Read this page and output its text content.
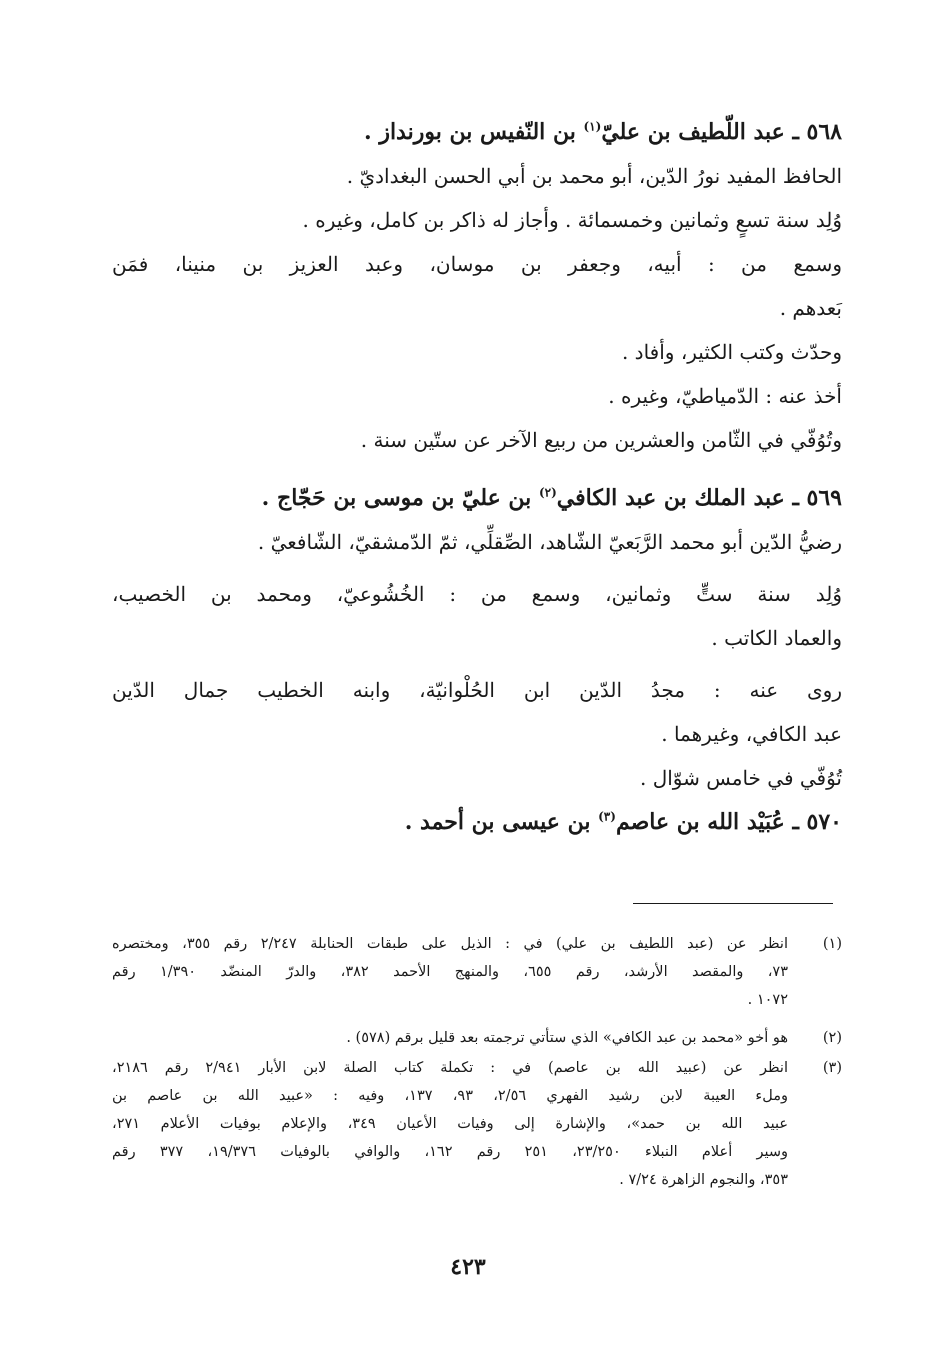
٥٦٨ ـ عبد اللّطيف بن عليّ$^{(١)}$ بن النّفيس بن بورنداز .
الحافظ المفيد نورُ الدّين، أبو محمد بن أبي الحسن البغداديّ .
وُلِد سنة تسعٍ وثمانين وخمسمائة . وأجاز له ذاكر بن كامل، وغيره .
وسمع من : أبيه، وجعفر بن موسان، وعبد العزيز بن منينا، فمَن
بَعدهم .
وحدّث وكتب الكثير، وأفاد .
أخذ عنه : الدّمياطيّ، وغيره .
وتُوُفّي في الثّامن والعشرين من ربيع الآخر عن ستّين سنة .
٥٦٩ ـ عبد الملك بن عبد الكافي$^{(٢)}$ بن عليّ بن موسى بن حَجّاج .
رضيُّ الدّين أبو محمد الرَّبَعيّ الشّاهد، الصِّقلِّي، ثمّ الدّمشقيّ، الشّافعيّ .
وُلِد سنة ستٍّ وثمانين، وسمع من : الخُشُوعيّ، ومحمد بن الخصيب،
والعماد الكاتب .
روى عنه : مجدُ الدّين ابن الحُلْوانيّة، وابنه الخطيب جمال الدّين
عبد الكافي، وغيرهما .
تُوُفّي في خامس شوّال .
٥٧٠ ـ عُبَيْد الله بن عاصم$^{(٣)}$ بن عيسى بن أحمد .
(١)
انظر عن (عبد اللطيف بن علي) في : الذيل على طبقات الحنابلة ٢/٢٤٧ رقم ٣٥٥، ومختصره
٧٣، والمقصد الأرشد، رقم ٦٥٥، والمنهج الأحمد ٣٨٢، والدرّ المنضّد ١/٣٩٠ رقم
١٠٧٢ .
(٢)
هو أخو «محمد بن عبد الكافي» الذي ستأتي ترجمته بعد قليل برقم (٥٧٨) .
(٣)
انظر عن (عبيد الله بن عاصم) في : تكملة كتاب الصلة لابن الأبار ٢/٩٤١ رقم ٢١٨٦،
وملء العيبة لابن رشيد الفهري ٢/٥٦، ٩٣، ١٣٧، وفيه : «عبيد الله بن عاصم بن
عبيد الله بن حمد»، والإشارة إلى وفيات الأعيان ٣٤٩، والإعلام بوفيات الأعلام ٢٧١،
وسير أعلام النبلاء ٢٣/٢٥٠، ٢٥١ رقم ١٦٢، والوافي بالوفيات ١٩/٣٧٦، ٣٧٧ رقم
٣٥٣، والنجوم الزاهرة ٧/٢٤ .
٤٢٣
